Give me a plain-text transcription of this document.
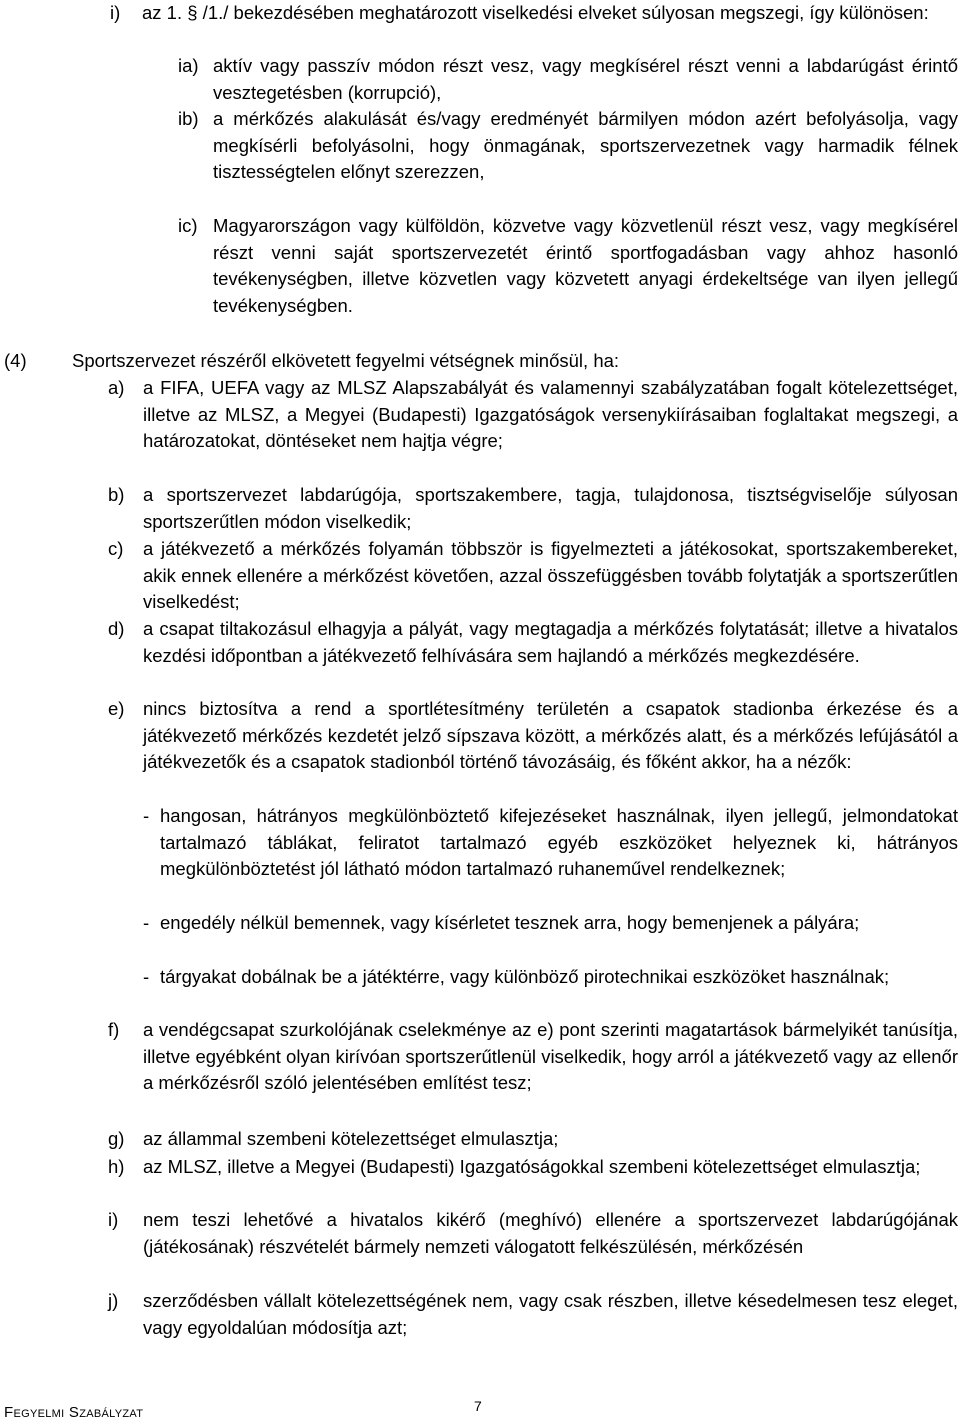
i)	az 1. § /1./ bekezdésében meghatározott viselkedési elveket súlyosan megszegi, így különösen:
ia) aktív vagy passzív módon részt vesz, vagy megkísérel részt venni a labdarúgást érintő vesztegetésben (korrupció),
ib) a mérkőzés alakulását és/vagy eredményét bármilyen módon azért befolyásolja, vagy megkísérli befolyásolni, hogy önmagának, sportszervezetnek vagy harmadik félnek tisztességtelen előnyt szerezzen,
ic) Magyarországon vagy külföldön, közvetve vagy közvetlenül részt vesz, vagy megkísérel részt venni saját sportszervezetét érintő sportfogadásban vagy ahhoz hasonló tevékenységben, illetve közvetlen vagy közvetett anyagi érdekeltsége van ilyen jellegű tevékenységben.
(4)	Sportszervezet részéről elkövetett fegyelmi vétségnek minősül, ha:
a)	a FIFA, UEFA vagy az MLSZ Alapszabályát és valamennyi szabályzatában fogalt kötelezettséget, illetve az MLSZ, a Megyei (Budapesti) Igazgatóságok versenykiírásaiban foglaltakat megszegi, a határozatokat, döntéseket nem hajtja végre;
b)	a sportszervezet labdarúgója, sportszakembere, tagja, tulajdonosa, tisztségviselője súlyosan sportszerűtlen módon viselkedik;
c)	a játékvezető a mérkőzés folyamán többször is figyelmezteti a játékosokat, sportszakembereket, akik ennek ellenére a mérkőzést követően, azzal összefüggésben tovább folytatják a sportszerűtlen viselkedést;
d)	a csapat tiltakozásul elhagyja a pályát, vagy megtagadja a mérkőzés folytatását; illetve a hivatalos kezdési időpontban a játékvezető felhívására sem hajlandó a mérkőzés megkezdésére.
e)	nincs biztosítva a rend a sportlétesítmény területén a csapatok stadionba érkezése és a játékvezető mérkőzés kezdetét jelző sípszava között, a mérkőzés alatt, és a mérkőzés lefújásától a játékvezetők és a csapatok stadionból történő távozásáig, és főként akkor, ha a nézők:
- hangosan, hátrányos megkülönböztető kifejezéseket használnak, ilyen jellegű, jelmondatokat tartalmazó táblákat, feliratot tartalmazó egyéb eszközöket helyeznek ki, hátrányos megkülönböztetést jól látható módon tartalmazó ruhaneművel rendelkeznek;
- engedély nélkül bemennek, vagy kísérletet tesznek arra, hogy bemenjenek a pályára;
- tárgyakat dobálnak be a játéktérre, vagy különböző pirotechnikai eszközöket használnak;
f)	a vendégcsapat szurkolójának cselekménye az e) pont szerinti magatartások bármelyikét tanúsítja, illetve egyébként olyan kirívóan sportszerűtlenül viselkedik, hogy arról a játékvezető vagy az ellenőr a mérkőzésről szóló jelentésében említést tesz;
g)	az állammal szembeni kötelezettséget elmulasztja;
h)	az MLSZ, illetve a Megyei (Budapesti) Igazgatóságokkal szembeni kötelezettséget elmulasztja;
i)	nem teszi lehetővé a hivatalos kikérő (meghívó) ellenére a sportszervezet labdarúgójának (játékosának) részvételét bármely nemzeti válogatott felkészülésén, mérkőzésén
j)	szerződésben vállalt kötelezettségének nem, vagy csak részben, illetve késedelmesen tesz eleget, vagy egyoldalúan módosítja azt;
Fegyelmi Szabályzat	7
